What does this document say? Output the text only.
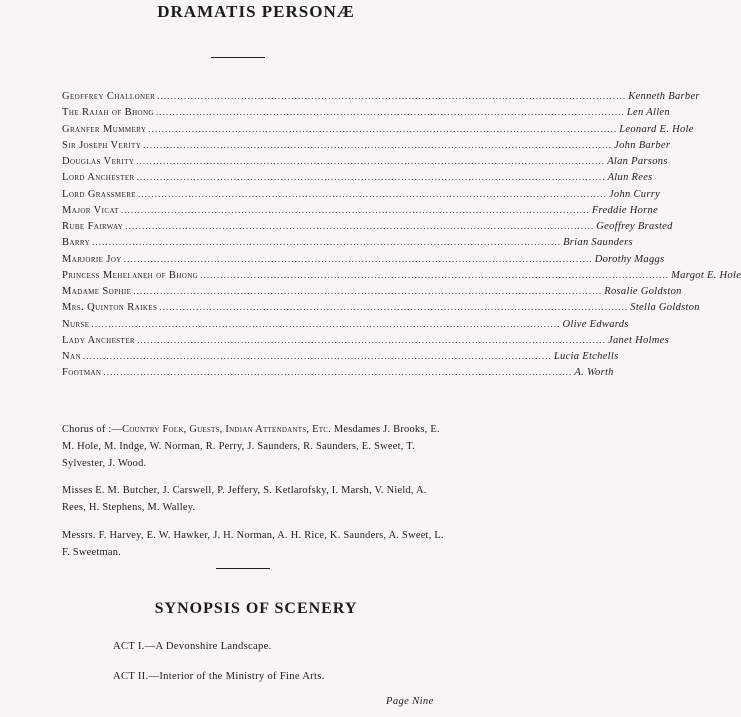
DRAMATIS PERSONÆ
Geoffrey Challoner ............................................................................................................................................ Kenneth Barber
The Rajah of Bhong ............................................................................................................................................ Len Allen
Granfer Mummery ............................................................................................................................................ Leonard E. Hole
Sir Joseph Verity ............................................................................................................................................ John Barber
Douglas Verity ............................................................................................................................................ Alan Parsons
Lord Anchester ............................................................................................................................................ Alun Rees
Lord Grassmere ............................................................................................................................................ John Curry
Major Vicat ............................................................................................................................................ Freddie Horne
Rube Fairway ............................................................................................................................................ Geoffrey Brasted
Barry ............................................................................................................................................ Brian Saunders
Marjorie Joy ............................................................................................................................................ Dorothy Maggs
Princess Mehelaneh of Bhong ............................................................................................................................................ Margot E. Hole
Madame Sophie ............................................................................................................................................ Rosalie Goldston
Mrs. Quinton Raikes ............................................................................................................................................ Stella Goldston
Nurse ............................................................................................................................................ Olive Edwards
Lady Anchester ............................................................................................................................................ Janet Holmes
Nan ............................................................................................................................................ Lucia Etchells
Footman ............................................................................................................................................ A. Worth
Chorus of :—Country Folk, Guests, Indian Attendants, Etc. Mesdames J. Brooks, E. M. Hole, M. Indge, W. Norman, R. Perry, J. Saunders, R. Saunders, E. Sweet, T. Sylvester, J. Wood.
Misses E. M. Butcher, J. Carswell, P. Jeffery, S. Ketlarofsky, I. Marsh, V. Nield, A. Rees, H. Stephens, M. Walley.
Messrs. F. Harvey, E. W. Hawker, J. H. Norman, A. H. Rice, K. Saunders, A. Sweet, L. F. Sweetman.
SYNOPSIS OF SCENERY
ACT I.—A Devonshire Landscape.
ACT II.—Interior of the Ministry of Fine Arts.
Page Nine
